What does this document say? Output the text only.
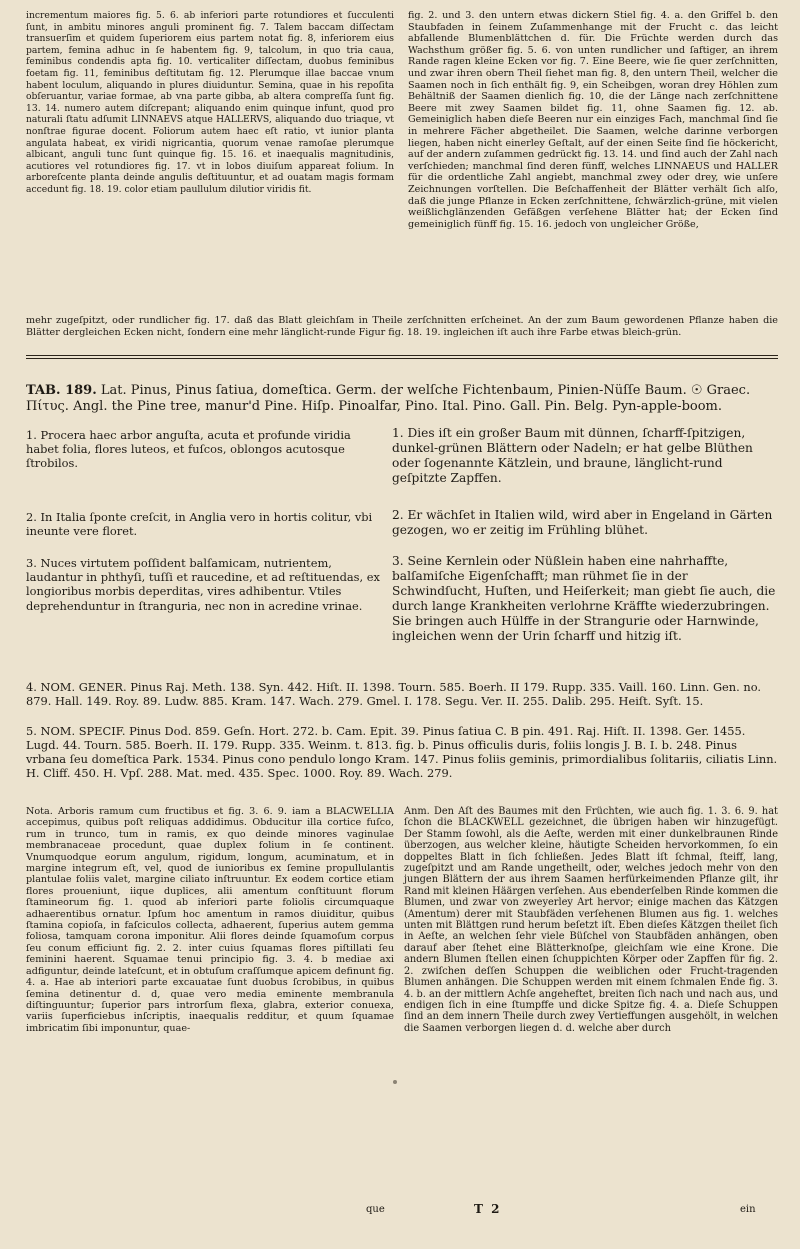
incrementum maiores fig. 5. 6. ab inferiori parte rotundiores et ſucculenti ſunt, in ambitu minores anguli prominent fig. 7. Talem baccam diſſectam transuerſim et quidem ſuperiorem eius partem notat fig. 8, inferiorem eius partem, femina adhuc in ſe habentem fig. 9, talcolum, in quo tria caua, feminibus condendis apta fig. 10. verticaliter diſſectam, duobus feminibus foetam fig. 11, feminibus deſtitutam fig. 12. Plerumque illae baccae vnum habent loculum, aliquando in plures diuiduntur. Semina, quae in his repoſita obſeruantur, variae formae, ab vna parte gibba, ab altera compreſſa ſunt fig. 13. 14. numero autem diſcrepant; aliquando enim quinque infunt, quod pro naturali ſtatu adſumit LINNAEVS atque HALLERVS, aliquando duo triaque, vt nonſtrae figurae docent. Foliorum autem haec eſt ratio, vt iunior planta angulata habeat, ex viridi nigricantia, quorum venae ramoſae plerumque albicant, anguli tunc ſunt quinque fig. 15. 16. et inaequalis magnitudinis, acutiores vel rotundiores fig. 17. vt in lobos diuiſum appareat folium. In arboreſcente planta deinde angulis deſtituuntur, et ad ouatam magis formam accedunt fig. 18. 19. color etiam paullulum dilutior viridis fit.

fig. 2. und 3. den untern etwas dickern Stiel fig. 4. a. den Griffel b. den Staubfaden in ſeinem Zuſammenhange mit der Frucht c. das leicht abfallende Blumenblättchen d. für. Die Früchte werden durch das Wachsthum größer fig. 5. 6. von unten rundlicher und ſaftiger, an ihrem Rande ragen kleine Ecken vor fig. 7. Eine Beere, wie ſie quer zerſchnitten, und zwar ihren obern Theil ſiehet man fig. 8, den untern Theil, welcher die Saamen noch in ſich enthält fig. 9, ein Scheibgen, woran drey Höhlen zum Behältniß der Saamen dienlich fig. 10, die der Länge nach zerſchnittene Beere mit zwey Saamen bildet fig. 11, ohne Saamen fig. 12. ab. Gemeiniglich haben dieſe Beeren nur ein einziges Fach, manchmal ſind ſie in mehrere Fächer abgetheilet. Die Saamen, welche darinne verborgen liegen, haben nicht einerley Geſtalt, auf der einen Seite ſind ſie höckericht, auf der andern zuſammen gedrückt fig. 13. 14. und ſind auch der Zahl nach verſchieden; manchmal ſind deren fünff, welches LINNAEUS und HALLER für die ordentliche Zahl angiebt, manchmal zwey oder drey, wie unſere Zeichnungen vorſtellen. Die Beſchaffenheit der Blätter verhält ſich alſo, daß die junge Pflanze in Ecken zerſchnittene, ſchwärzlich-grüne, mit vielen weißlichglänzenden Gefäßgen verſehene Blätter hat; der Ecken ſind gemeiniglich fünff fig. 15. 16. jedoch von ungleicher Größe,

mehr zugeſpitzt, oder rundlicher fig. 17. daß das Blatt gleichſam in Theile zerſchnitten erſcheinet. An der zum Baum gewordenen Pflanze haben die Blätter dergleichen Ecken nicht, ſondern eine mehr länglicht-runde Figur fig. 18. 19. ingleichen iſt auch ihre Farbe etwas bleich-grün.

TAB. 189. Lat. Pinus, Pinus ſatiua, domeſtica. Germ. der welſche Fichtenbaum, Pinien-Nüſſe Baum. ☉ Graec. Πίτυς. Angl. the Pine tree, manur'd Pine. Hiſp. Pinoalfar, Pino. Ital. Pino. Gall. Pin. Belg. Pyn-apple-boom.
1. Procera haec arbor anguſta, acuta et profunde viridia habet folia, flores luteos, et fuſcos, oblongos acutosque ſtrobilos.
1. Dies iſt ein großer Baum mit dünnen, ſcharff-ſpitzigen, dunkel-grünen Blättern oder Nadeln; er hat gelbe Blüthen oder ſogenannte Kätzlein, und braune, länglicht-rund geſpitzte Zapffen.
2. In Italia ſponte creſcit, in Anglia vero in hortis colitur, vbi ineunte vere floret.
2. Er wächſet in Italien wild, wird aber in Engeland in Gärten gezogen, wo er zeitig im Frühling blühet.
3. Nuces virtutem poſſident balſamicam, nutrientem, laudantur in phthyſi, tuſſi et raucedine, et ad reſtituendas, ex longioribus morbis deperditas, vires adhibentur. Vtiles deprehenduntur in ſtranguria, nec non in acredine vrinae.
3. Seine Kernlein oder Nüßlein haben eine nahrhaffte, balſamiſche Eigenſchafft; man rühmet ſie in der Schwindſucht, Huſten, und Heiſerkeit; man giebt ſie auch, die durch lange Krankheiten verlohrne Kräffte wiederzubringen. Sie bringen auch Hülffe in der Strangurie oder Harnwinde, ingleichen wenn der Urin ſcharff und hitzig iſt.
4. NOM. GENER. Pinus Raj. Meth. 138. Syn. 442. Hiſt. II. 1398. Tourn. 585. Boerh. II 179. Rupp. 335. Vaill. 160. Linn. Gen. no. 879. Hall. 149. Roy. 89. Ludw. 885. Kram. 147. Wach. 279. Gmel. I. 178. Segu. Ver. II. 255. Dalib. 295. Heiſt. Syſt. 15.
5. NOM. SPECIF. Pinus Dod. 859. Geſn. Hort. 272. b. Cam. Epit. 39. Pinus ſatiua C. B pin. 491. Raj. Hiſt. II. 1398. Ger. 1455. Lugd. 44. Tourn. 585. Boerh. II. 179. Rupp. 335. Weinm. t. 813. fig. b. Pinus officulis duris, foliis longis J. B. I. b. 248. Pinus vrbana ſeu domeſtica Park. 1534. Pinus cono pendulo longo Kram. 147. Pinus foliis geminis, primordialibus ſolitariis, ciliatis Linn. H. Cliff. 450. H. Vpſ. 288. Mat. med. 435. Spec. 1000. Roy. 89. Wach. 279.

Nota. Arboris ramum cum fructibus et fig. 3. 6. 9. iam a BLACWELLIA accepimus, quibus poſt reliquas addidimus. Obducitur illa cortice fuſco, rum in trunco, tum in ramis, ex quo deinde minores vaginulae membranaceae procedunt, quae duplex folium in ſe continent. Vnumquodque eorum angulum, rigidum, longum, acuminatum, et in margine integrum eſt, vel, quod de iunioribus ex ſemine propullulantis plantulae foliis valet, margine ciliato inſtruuntur. Ex eodem cortice etiam flores proueniunt, iique duplices, alii amentum conſtituunt florum ſtamineorum fig. 1. quod ab inferiori parte foliolis circumquaque adhaerentibus ornatur. Ipſum hoc amentum in ramos diuiditur, quibus ſtamina copioſa, in faſciculos collecta, adhaerent, ſuperius autem gemma foliosa, tamquam corona imponitur. Alii flores deinde ſquamoſum corpus ſeu conum efficiunt fig. 2. 2. inter cuius ſquamas flores piſtillati ſeu feminini haerent. Squamae tenui principio fig. 3. 4. b mediae axi adfiguntur, deinde lateſcunt, et in obtuſum craſſumque apicem definunt fig. 4. a. Hae ab interiori parte excauatae ſunt duobus ſcrobibus, in quibus ſemina detinentur d. d, quae vero media eminente membranula diſtinguuntur; ſuperior pars introrſum flexa, glabra, exterior conuexa, variis ſuperficiebus inſcriptis, inaequalis redditur, et quum ſquamae imbricatim ſibi imponuntur, quae-

Anm. Den Aſt des Baumes mit den Früchten, wie auch fig. 1. 3. 6. 9. hat ſchon die BLACKWELL gezeichnet, die übrigen haben wir hinzugefügt. Der Stamm ſowohl, als die Aeſte, werden mit einer dunkelbraunen Rinde überzogen, aus welcher kleine, häutigte Scheiden hervorkommen, ſo ein doppeltes Blatt in ſich ſchließen. Jedes Blatt iſt ſchmal, ſteiff, lang, zugeſpitzt und am Rande ungetheilt, oder, welches jedoch mehr von den jungen Blättern der aus ihrem Saamen herfürkeimenden Pflanze gilt, ihr Rand mit kleinen Häärgen verſehen. Aus ebenderſelben Rinde kommen die Blumen, und zwar von zweyerley Art hervor; einige machen das Kätzgen (Amentum) derer mit Staubfäden verſehenen Blumen aus fig. 1. welches unten mit Blättgen rund herum beſetzt iſt. Eben dieſes Kätzgen theilet ſich in Aeſte, an welchen ſehr viele Büſchel von Staubfäden anhängen, oben darauf aber ſtehet eine Blätterknoſpe, gleichſam wie eine Krone. Die andern Blumen ſtellen einen ſchuppichten Körper oder Zapffen für fig. 2. 2. zwiſchen deſſen Schuppen die weiblichen oder Frucht-tragenden Blumen anhängen. Die Schuppen werden mit einem ſchmalen Ende fig. 3. 4. b. an der mittlern Achſe angeheftet, breiten ſich nach und nach aus, und endigen ſich in eine ſtumpffe und dicke Spitze fig. 4. a. Dieſe Schuppen ſind an dem innern Theile durch zwey Vertieffungen ausgehölt, in welchen die Saamen verborgen liegen d. d. welche aber durch

que	T 2	ein
